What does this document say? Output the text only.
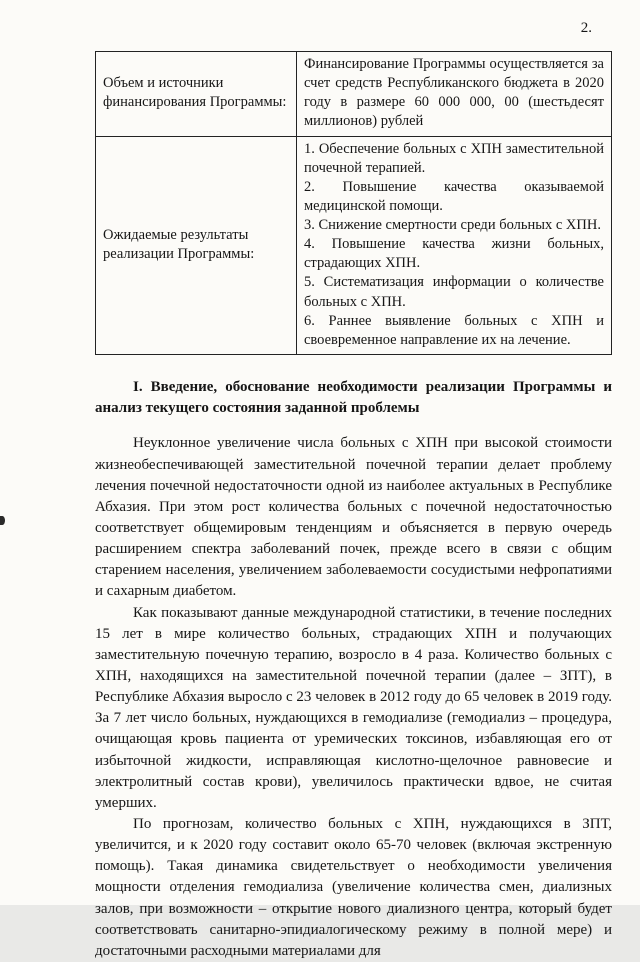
2.
Объем и источники финансирования Программы:	Финансирование Программы осуществляется за счет средств Республиканского бюджета в 2020 году в размере 60 000 000, 00 (шестьдесят миллионов) рублей
Ожидаемые результаты реализации Программы:	
1. Обеспечение больных с ХПН заместительной почечной терапией.
2. Повышение качества оказываемой медицинской помощи.
3. Снижение смертности среди больных с ХПН.
4. Повышение качества жизни больных, страдающих ХПН.
5. Систематизация информации о количестве больных с ХПН.
6. Раннее выявление больных с ХПН и своевременное направление их на лечение.
I. Введение, обоснование необходимости реализации Программы и анализ текущего состояния заданной проблемы

Неуклонное увеличение числа больных с ХПН при высокой стоимости жизнеобеспечивающей заместительной почечной терапии делает проблему лечения почечной недостаточности одной из наиболее актуальных в Республике Абхазия. При этом рост количества больных с почечной недостаточностью соответствует общемировым тенденциям и объясняется в первую очередь расширением спектра заболеваний почек, прежде всего в связи с общим старением населения, увеличением заболеваемости сосудистыми нефропатиями и сахарным диабетом.

Как показывают данные международной статистики, в течение последних 15 лет в мире количество больных, страдающих ХПН и получающих заместительную почечную терапию, возросло в 4 раза. Количество больных с ХПН, находящихся на заместительной почечной терапии (далее – ЗПТ), в Республике Абхазия выросло с 23 человек в 2012 году до 65 человек в 2019 году. За 7 лет число больных, нуждающихся в гемодиализе (гемодиализ – процедура, очищающая кровь пациента от уремических токсинов, избавляющая его от избыточной жидкости, исправляющая кислотно-щелочное равновесие и электролитный состав крови), увеличилось практически вдвое, не считая умерших.

По прогнозам, количество больных с ХПН, нуждающихся в ЗПТ, увеличится, и к 2020 году составит около 65-70 человек (включая экстренную помощь). Такая динамика свидетельствует о необходимости увеличения мощности отделения гемодиализа (увеличение количества смен, диализных залов, при возможности – открытие нового диализного центра, который будет соответствовать санитарно-эпидиалогическому режиму в полной мере) и достаточными расходными материалами для
